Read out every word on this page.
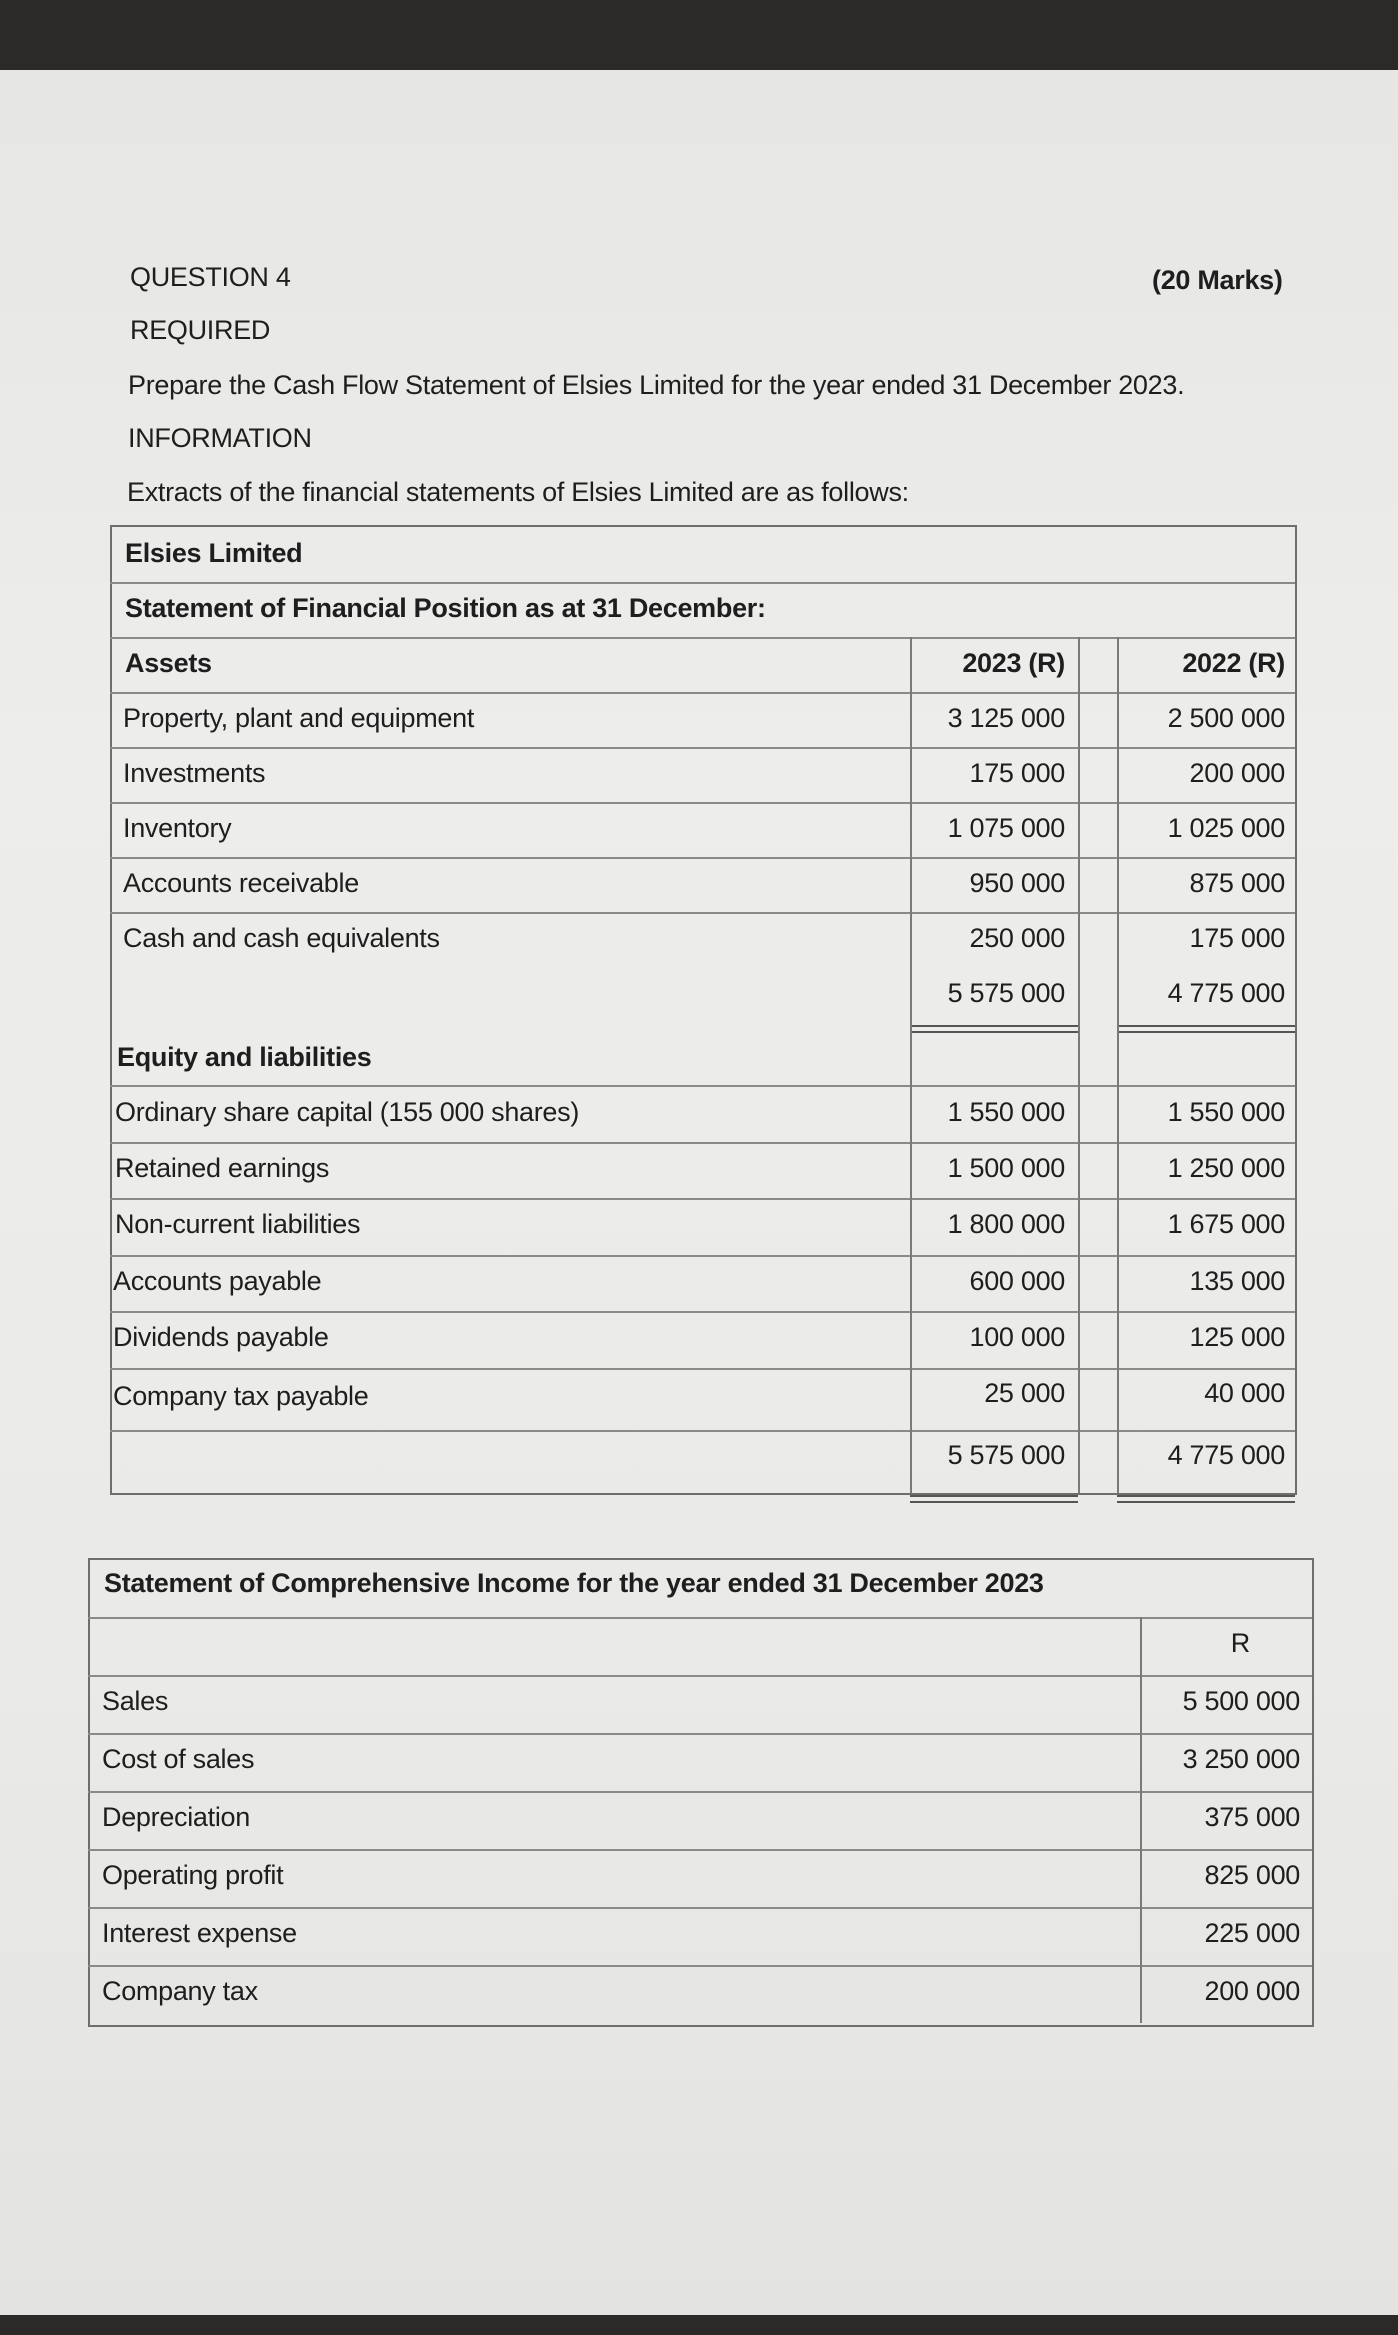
QUESTION 4	(20 Marks)
REQUIRED
Prepare the Cash Flow Statement of Elsies Limited for the year ended 31 December 2023.
INFORMATION
Extracts of the financial statements of Elsies Limited are as follows:
Elsies Limited
Statement of Financial Position as at 31 December:
Assets	2023 (R)	2022 (R)
Property, plant and equipment	3 125 000	2 500 000
Investments	175 000	200 000
Inventory	1 075 000	1 025 000
Accounts receivable	950 000	875 000
Cash and cash equivalents	250 000	175 000
5 575 000	4 775 000
Equity and liabilities
Ordinary share capital (155 000 shares)	1 550 000	1 550 000
Retained earnings	1 500 000	1 250 000
Non-current liabilities	1 800 000	1 675 000
Accounts payable	600 000	135 000
Dividends payable	100 000	125 000
Company tax payable	25 000	40 000
5 575 000	4 775 000
Statement of Comprehensive Income for the year ended 31 December 2023
R
Sales	5 500 000
Cost of sales	3 250 000
Depreciation	375 000
Operating profit	825 000
Interest expense	225 000
Company tax	200 000
